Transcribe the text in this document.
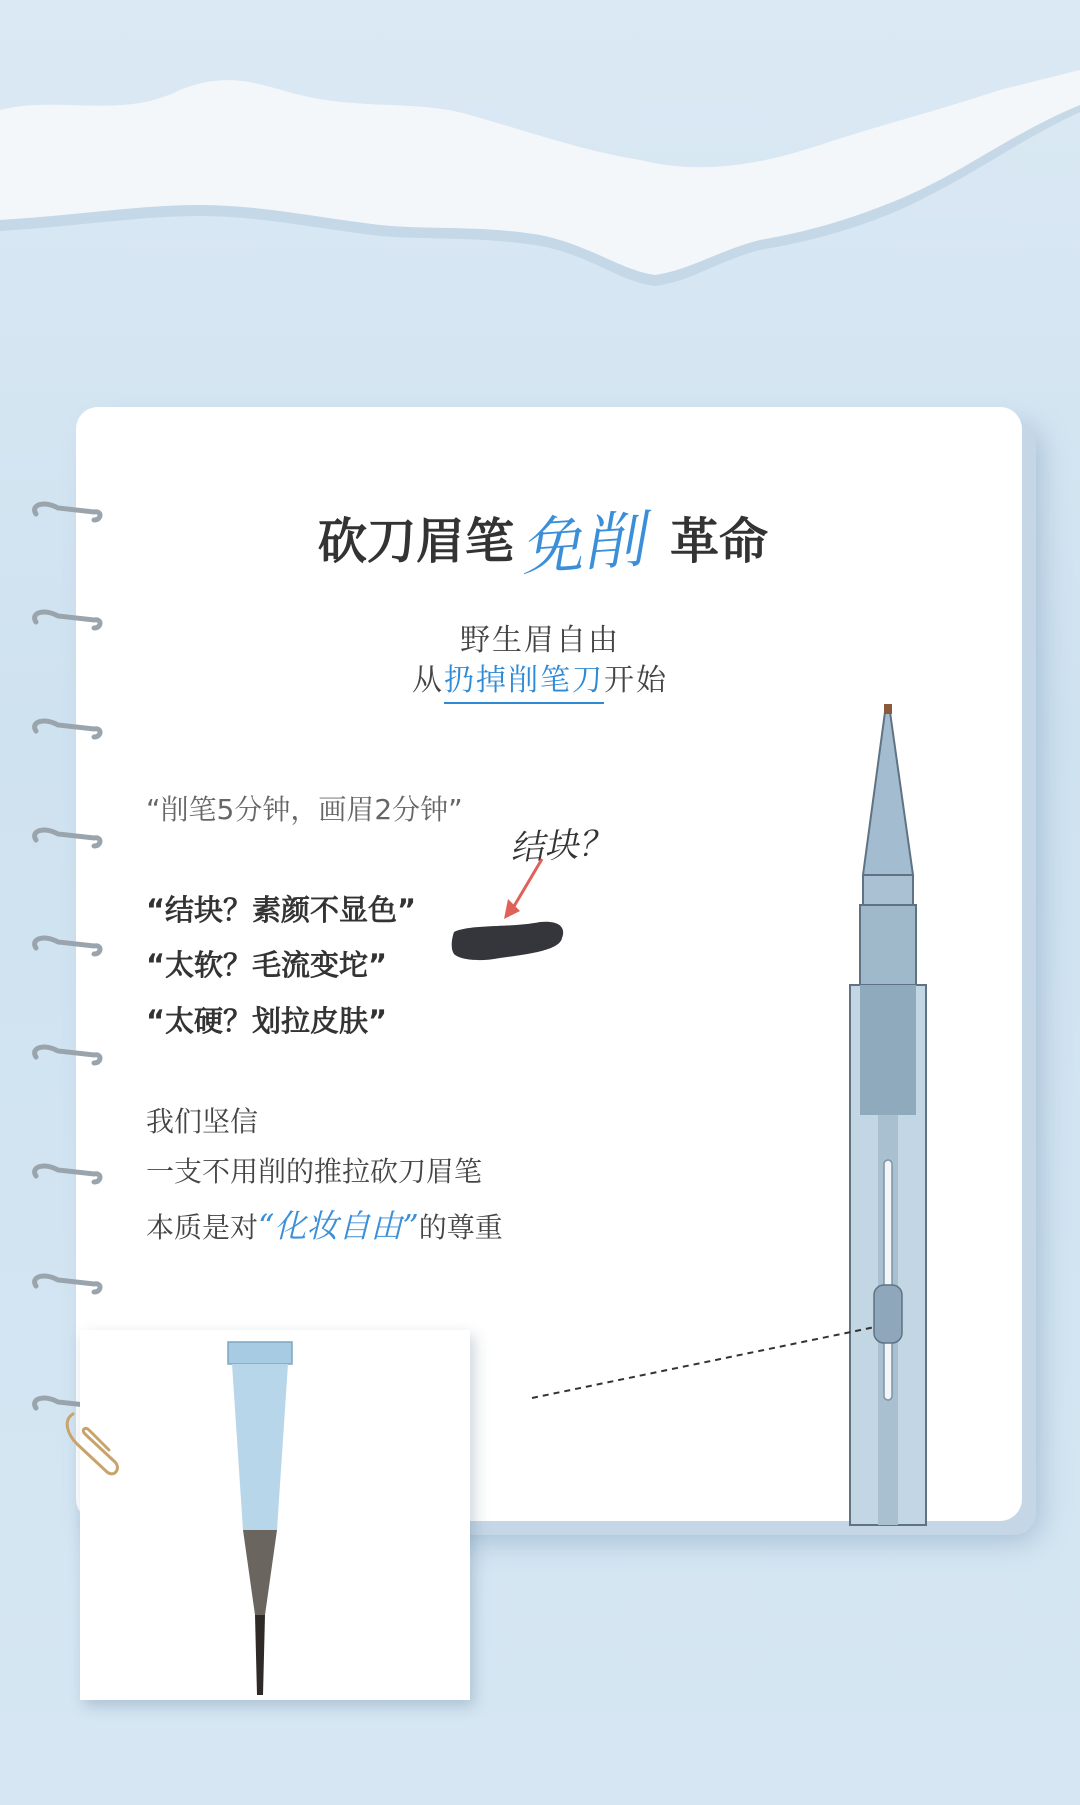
砍刀眉笔 免削 革命
野生眉自由
从扔掉削笔刀开始
“削笔5分钟，画眉2分钟”
结块？
“结块？素颜不显色”
“太软？毛流变坨”
“太硬？划拉皮肤”
我们坚信
一支不用削的推拉砍刀眉笔
本质是对“化妆自由”的尊重
